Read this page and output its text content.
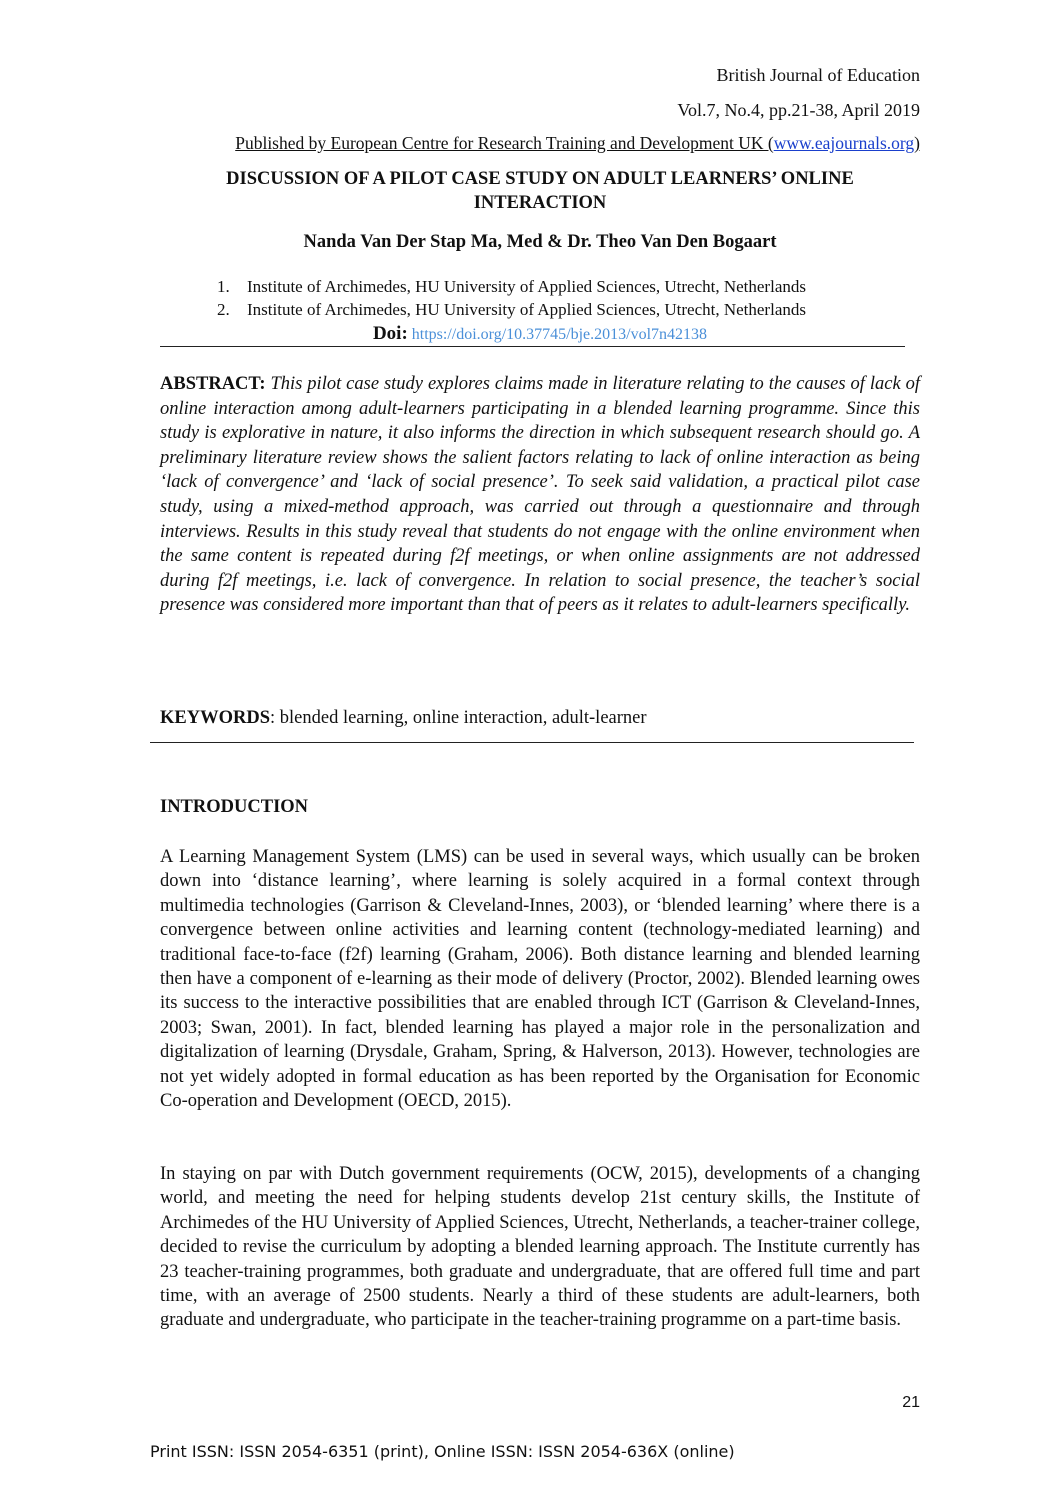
British Journal of Education
Vol.7, No.4, pp.21-38, April 2019
Published by European Centre for Research Training and Development UK (www.eajournals.org)
DISCUSSION OF A PILOT CASE STUDY ON ADULT LEARNERS’ ONLINE INTERACTION
Nanda Van Der Stap Ma, Med & Dr. Theo Van Den Bogaart
1. Institute of Archimedes, HU University of Applied Sciences, Utrecht, Netherlands
2. Institute of Archimedes, HU University of Applied Sciences, Utrecht, Netherlands
Doi: https://doi.org/10.37745/bje.2013/vol7n42138
ABSTRACT: This pilot case study explores claims made in literature relating to the causes of lack of online interaction among adult-learners participating in a blended learning programme. Since this study is explorative in nature, it also informs the direction in which subsequent research should go. A preliminary literature review shows the salient factors relating to lack of online interaction as being ‘lack of convergence’ and ‘lack of social presence’. To seek said validation, a practical pilot case study, using a mixed-method approach, was carried out through a questionnaire and through interviews. Results in this study reveal that students do not engage with the online environment when the same content is repeated during f2f meetings, or when online assignments are not addressed during f2f meetings, i.e. lack of convergence. In relation to social presence, the teacher’s social presence was considered more important than that of peers as it relates to adult-learners specifically.
KEYWORDS: blended learning, online interaction, adult-learner
INTRODUCTION
A Learning Management System (LMS) can be used in several ways, which usually can be broken down into ‘distance learning’, where learning is solely acquired in a formal context through multimedia technologies (Garrison & Cleveland-Innes, 2003), or ‘blended learning’ where there is a convergence between online activities and learning content (technology-mediated learning) and traditional face-to-face (f2f) learning (Graham, 2006). Both distance learning and blended learning then have a component of e-learning as their mode of delivery (Proctor, 2002). Blended learning owes its success to the interactive possibilities that are enabled through ICT (Garrison & Cleveland-Innes, 2003; Swan, 2001). In fact, blended learning has played a major role in the personalization and digitalization of learning (Drysdale, Graham, Spring, & Halverson, 2013). However, technologies are not yet widely adopted in formal education as has been reported by the Organisation for Economic Co-operation and Development (OECD, 2015).
In staying on par with Dutch government requirements (OCW, 2015), developments of a changing world, and meeting the need for helping students develop 21st century skills, the Institute of Archimedes of the HU University of Applied Sciences, Utrecht, Netherlands, a teacher-trainer college, decided to revise the curriculum by adopting a blended learning approach. The Institute currently has 23 teacher-training programmes, both graduate and undergraduate, that are offered full time and part time, with an average of 2500 students. Nearly a third of these students are adult-learners, both graduate and undergraduate, who participate in the teacher-training programme on a part-time basis.
21
Print ISSN: ISSN 2054-6351 (print), Online ISSN: ISSN 2054-636X (online)
